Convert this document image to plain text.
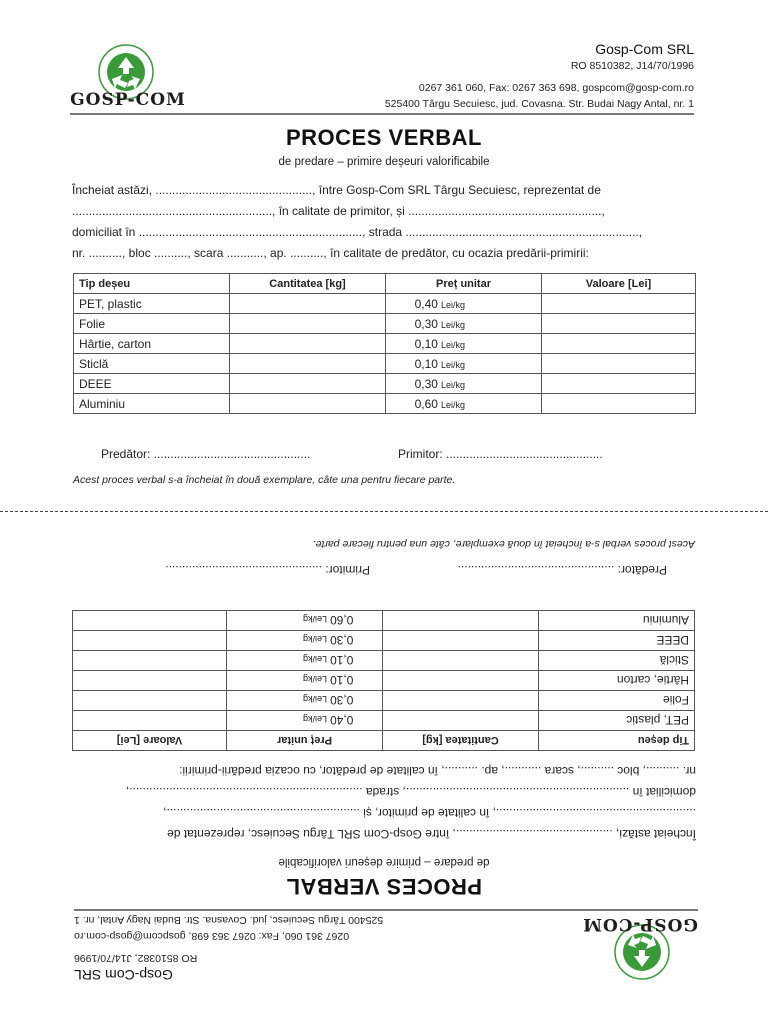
GOSP-COM
Gosp-Com SRL
RO 8510382, J14/70/1996
0267 361 060, Fax: 0267 363 698, gospcom@gosp-com.ro
525400 Târgu Secuiesc, jud. Covasna. Str. Budai Nagy Antal, nr. 1
PROCES VERBAL
de predare – primire deșeuri valorificabile
Încheiat astăzi, ..............................................., între Gosp-Com SRL Târgu Secuiesc, reprezentat de
............................................................, în calitate de primitor, și ..........................................................,
domiciliat în ..................................................................., strada ......................................................................,
nr. .........., bloc .........., scara ..........., ap. .........., în calitate de predător, cu ocazia predării-primirii:
Tip deșeu	Cantitatea [kg]	Preț unitar	Valoare [Lei]
PET, plastic		0,40 Lei/kg	
Folie		0,30 Lei/kg	
Hârtie, carton		0,10 Lei/kg	
Sticlă		0,10 Lei/kg	
DEEE		0,30 Lei/kg	
Aluminiu		0,60 Lei/kg	
Predător: ...............................................	Primitor: ...............................................
Acest proces verbal s-a încheiat în două exemplare, câte una pentru fiecare parte.
GOSP-COM
Gosp-Com SRL
RO 8510382, J14/70/1996
0267 361 060, Fax: 0267 363 698, gospcom@gosp-com.ro
525400 Târgu Secuiesc, jud. Covasna. Str. Budai Nagy Antal, nr. 1
PROCES VERBAL
de predare – primire deșeuri valorificabile
Încheiat astăzi, ..............................................., între Gosp-Com SRL Târgu Secuiesc, reprezentat de
............................................................, în calitate de primitor, și ..........................................................,
domiciliat în ..................................................................., strada ......................................................................,
nr. .........., bloc .........., scara ..........., ap. .........., în calitate de predător, cu ocazia predării-primirii:
Tip deșeu	Cantitatea [kg]	Preț unitar	Valoare [Lei]
PET, plastic		0,40Lei/kg	
Folie		0,30Lei/kg	
Hârtie, carton		0,10Lei/kg	
Sticlă		0,10Lei/kg	
DEEE		0,30Lei/kg	
Aluminiu		0,60Lei/kg	
Predător: ...............................................
Primitor: ...............................................
Acest proces verbal s-a încheiat în două exemplare, câte una pentru fiecare parte.
